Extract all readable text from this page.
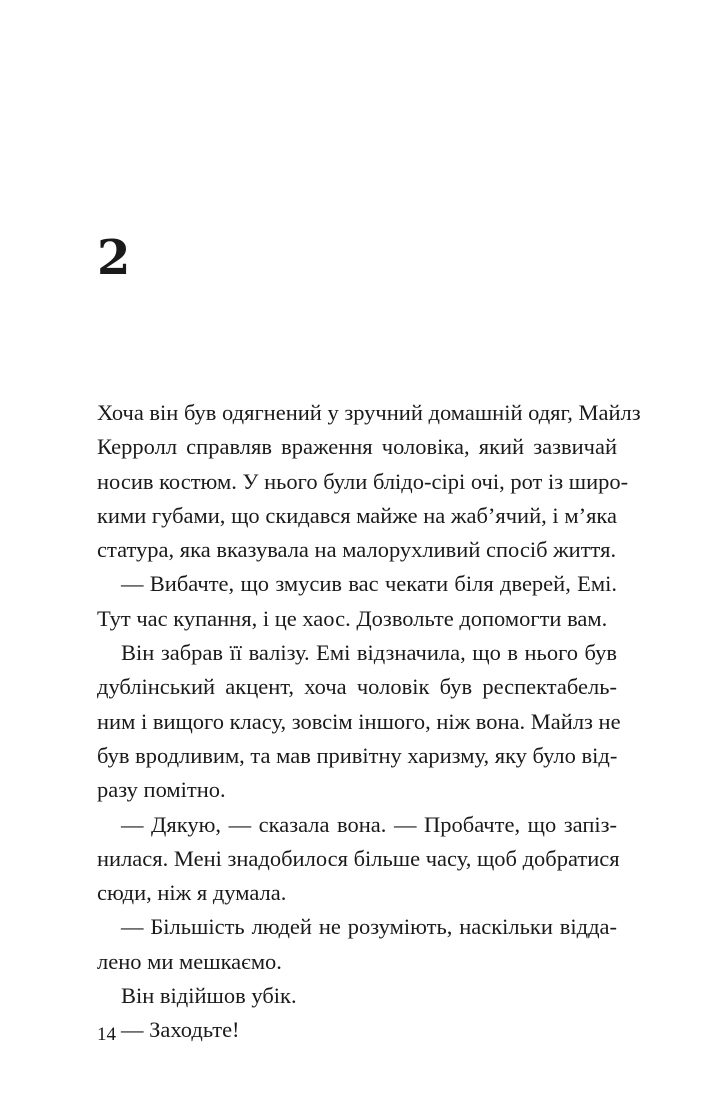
2
Хоча він був одягнений у зручний домашній одяг, Майлз
Керролл справляв враження чоловіка, який зазвичай
носив костюм. У нього були блідо-сірі очі, рот із широ-
кими губами, що скидався майже на жаб’ячий, і м’яка
статура, яка вказувала на малорухливий спосіб життя.
— Вибачте, що змусив вас чекати біля дверей, Емі.
Тут час купання, і це хаос. Дозвольте допомогти вам.
Він забрав її валізу. Емі відзначила, що в нього був
дублінський акцент, хоча чоловік був респектабель-
ним і вищого класу, зовсім іншого, ніж вона. Майлз не
був вродливим, та мав привітну харизму, яку було від-
разу помітно.
— Дякую, — сказала вона. — Пробачте, що запіз-
нилася. Мені знадобилося більше часу, щоб добратися
сюди, ніж я думала.
— Більшість людей не розуміють, наскільки відда-
лено ми мешкаємо.
Він відійшов убік.
— Заходьте!
14
